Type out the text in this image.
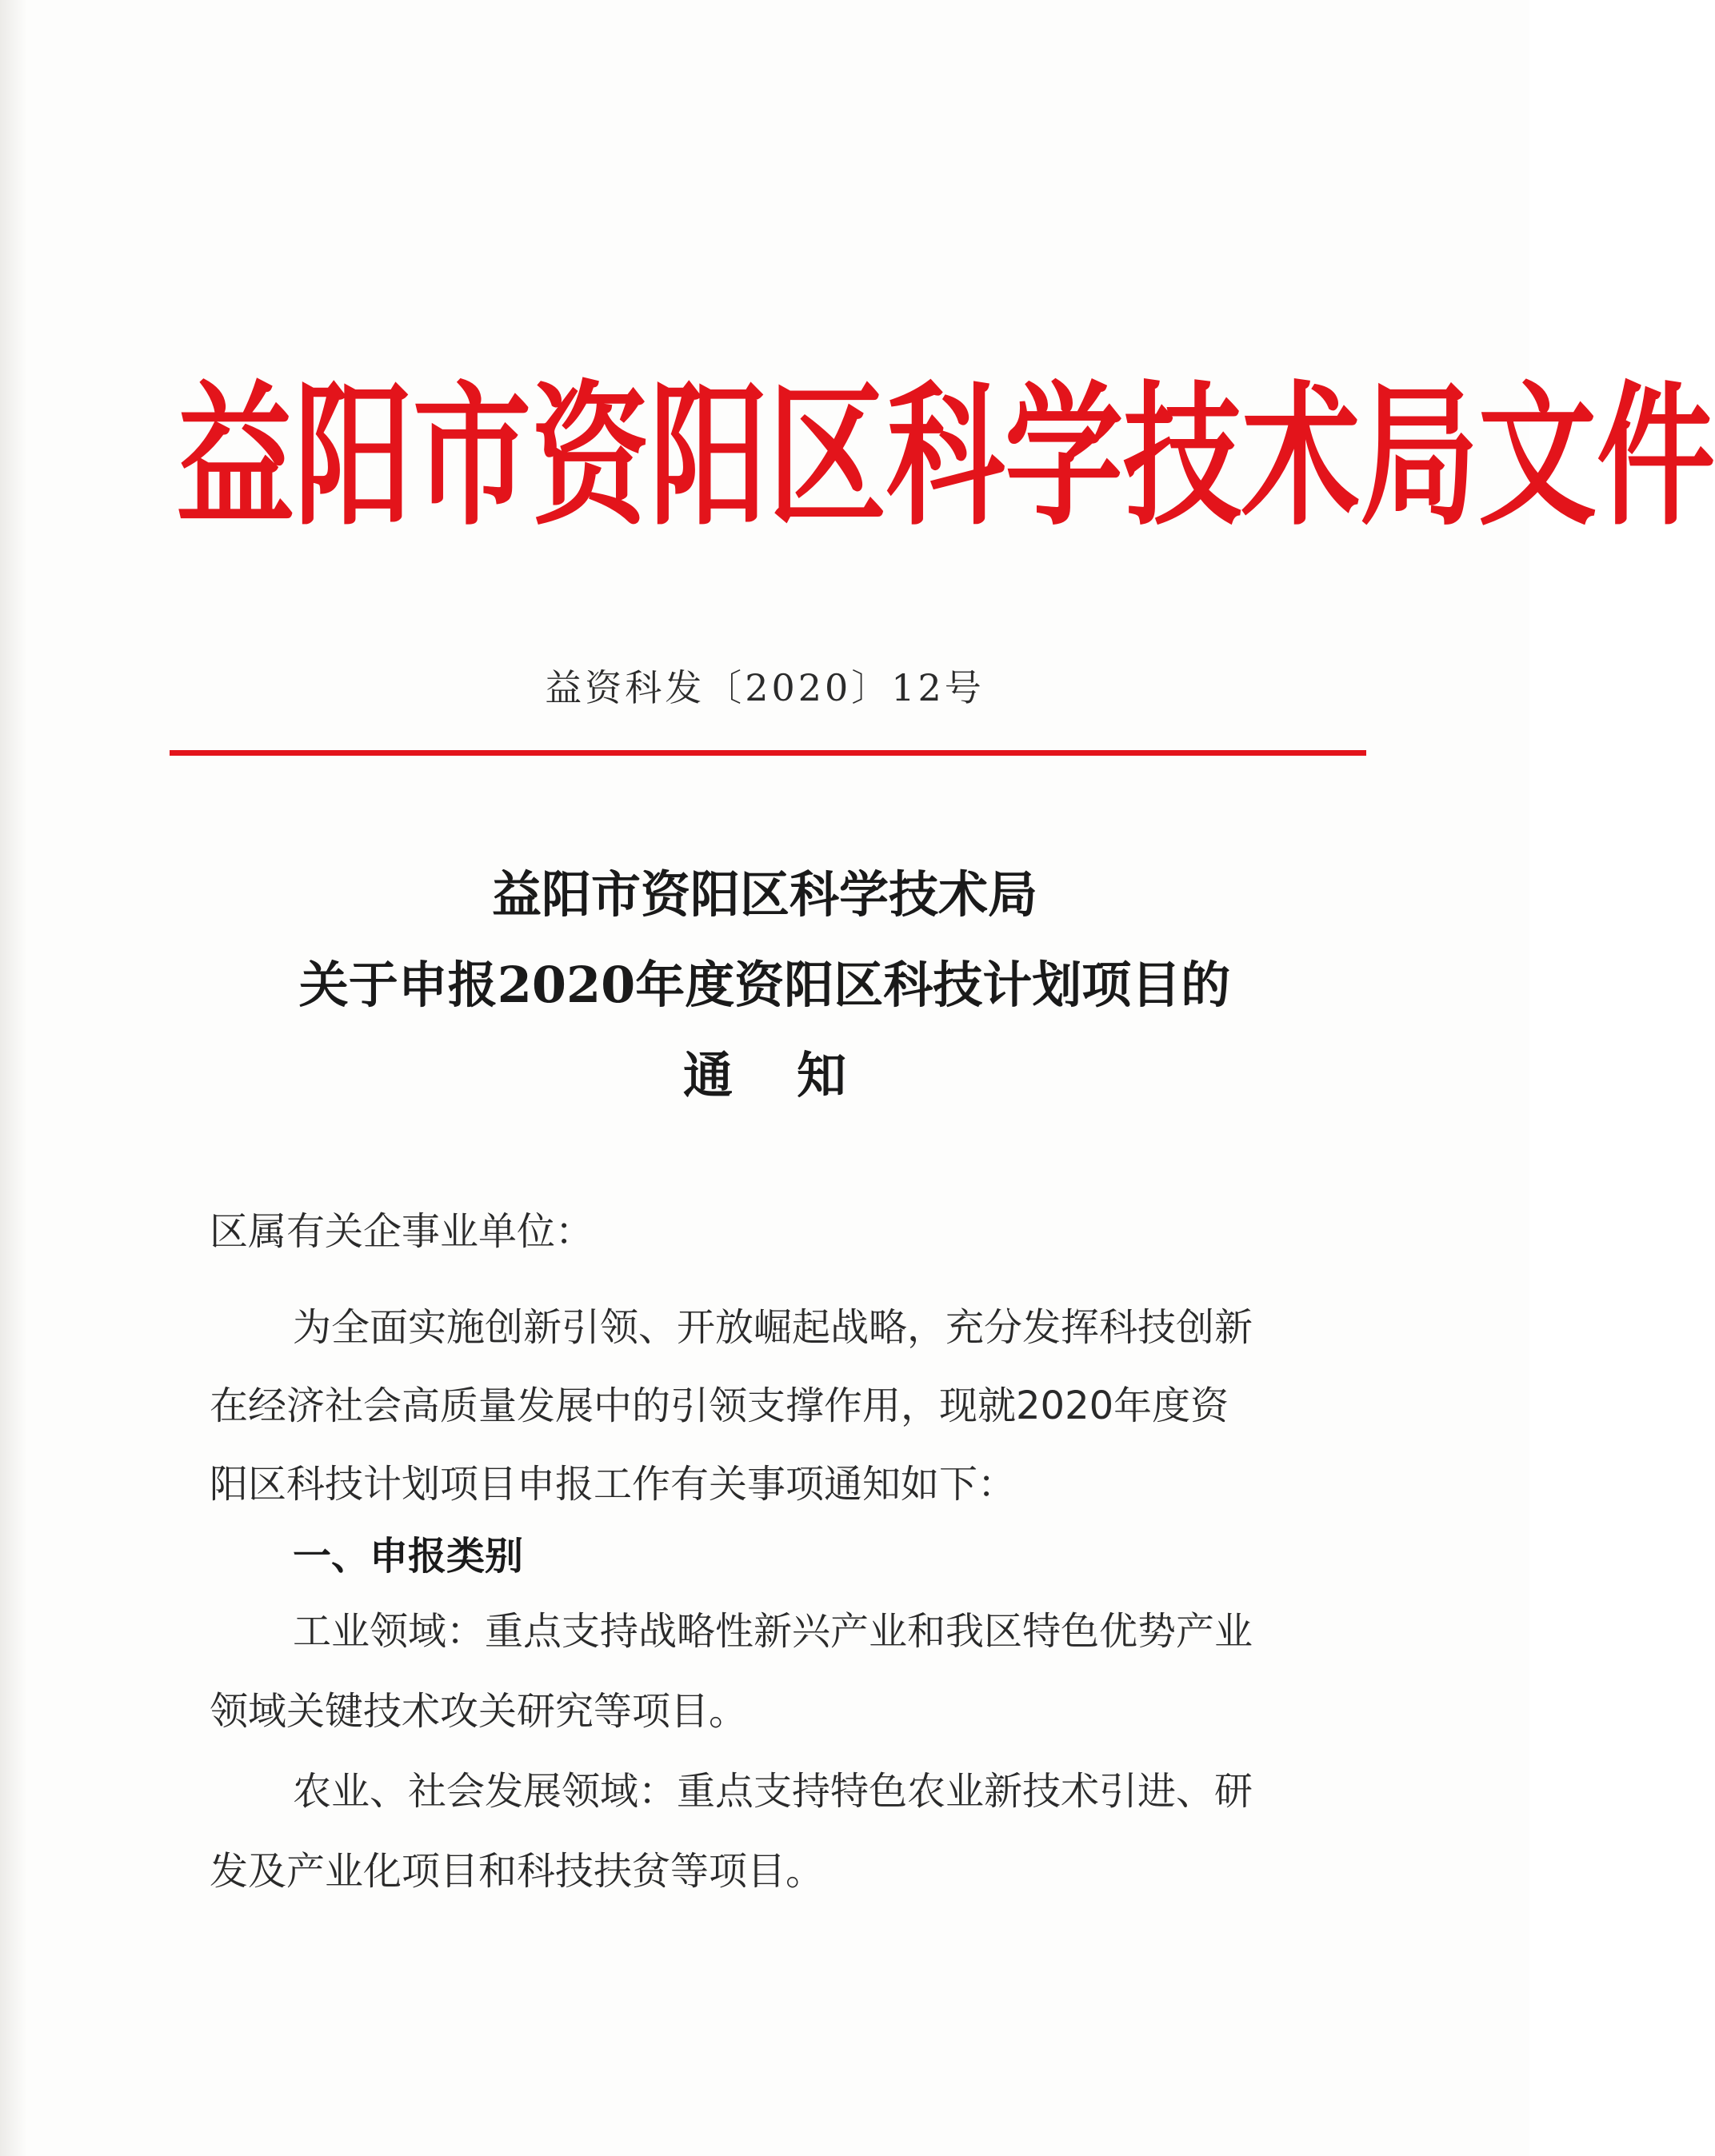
益阳市资阳区科学技术局文件
益资科发〔2020〕12号
益阳市资阳区科学技术局
关于申报2020年度资阳区科技计划项目的
通知
区属有关企事业单位：
为全面实施创新引领、开放崛起战略，充分发挥科技创新
在经济社会高质量发展中的引领支撑作用，现就2020年度资
阳区科技计划项目申报工作有关事项通知如下：
一、申报类别
工业领域：重点支持战略性新兴产业和我区特色优势产业
领域关键技术攻关研究等项目。
农业、社会发展领域：重点支持特色农业新技术引进、研
发及产业化项目和科技扶贫等项目。
